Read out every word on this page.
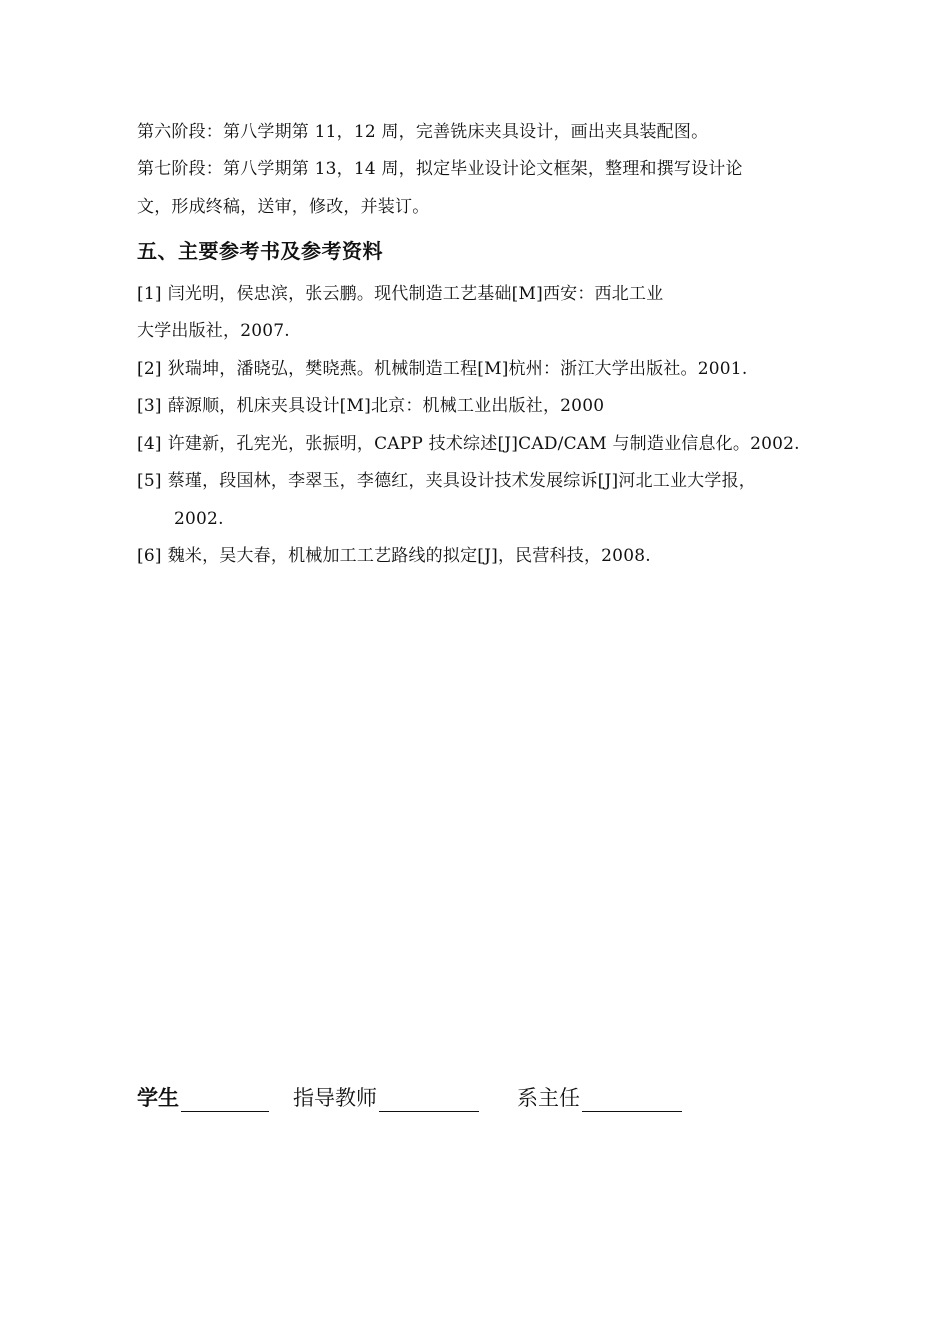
第六阶段：第八学期第 11，12 周，完善铣床夹具设计，画出夹具装配图。
第七阶段：第八学期第 13，14 周，拟定毕业设计论文框架，整理和撰写设计论
文，形成终稿，送审，修改，并装订。
五、主要参考书及参考资料
[1] 闫光明，侯忠滨，张云鹏。现代制造工艺基础[M]西安：西北工业
大学出版社，2007.
[2] 狄瑞坤，潘晓弘，樊晓燕。机械制造工程[M]杭州：浙江大学出版社。2001.
[3] 薛源顺，机床夹具设计[M]北京：机械工业出版社，2000
[4] 许建新，孔宪光，张振明，CAPP 技术综述[J]CAD/CAM 与制造业信息化。2002.
[5] 蔡瑾，段国林，李翠玉，李德红，夹具设计技术发展综诉[J]河北工业大学报，
2002.
[6] 魏米，吴大春，机械加工工艺路线的拟定[J]，民营科技，2008.
学生	指导教师	系主任
